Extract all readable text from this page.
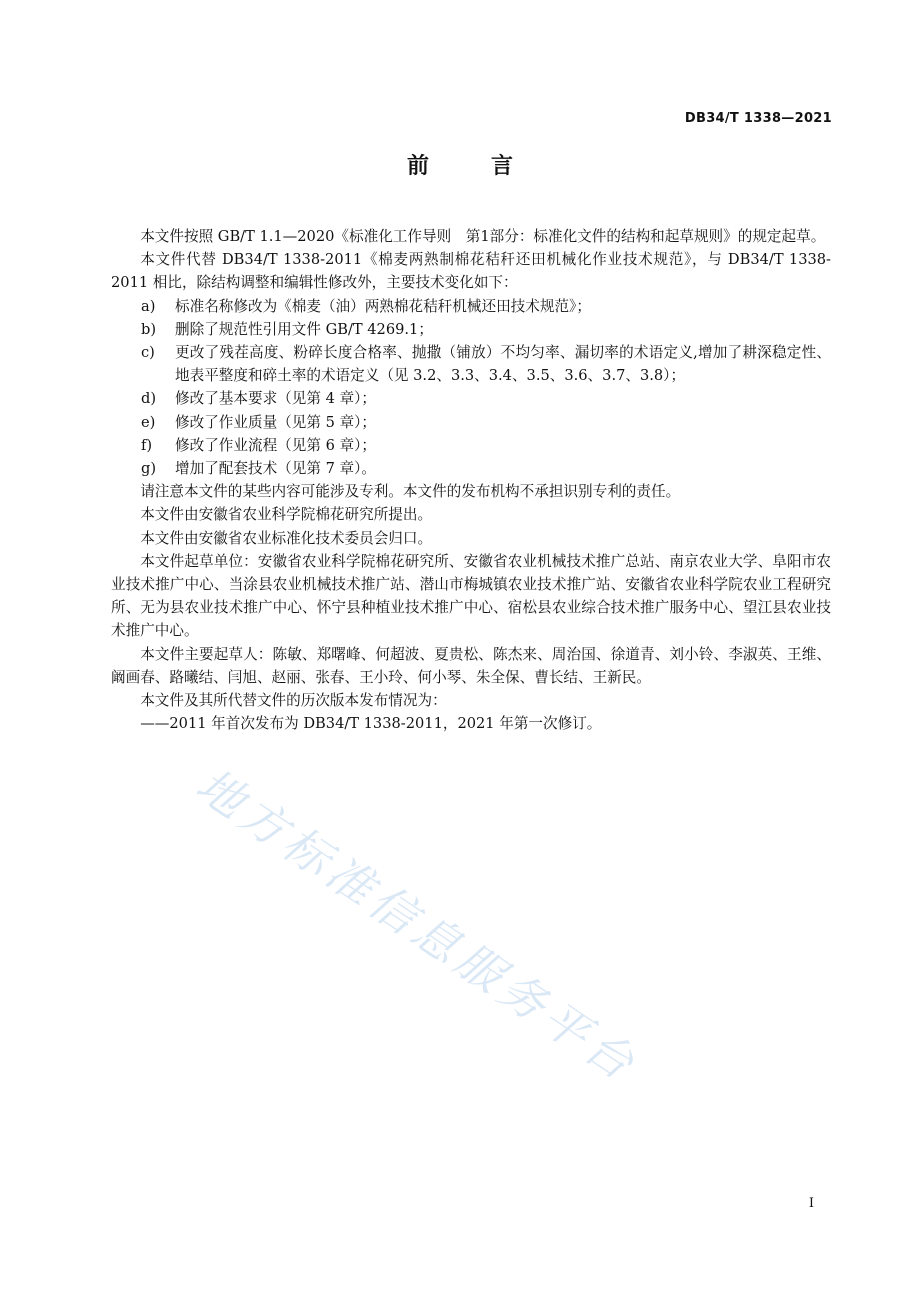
DB34/T 1338—2021
前言

本文件按照 GB/T 1.1—2020《标准化工作导则　第1部分：标准化文件的结构和起草规则》的规定起草。

本文件代替 DB34/T 1338-2011《棉麦两熟制棉花秸秆还田机械化作业技术规范》，与 DB34/T 1338-2011 相比，除结构调整和编辑性修改外，主要技术变化如下：

a)	标准名称修改为《棉麦（油）两熟棉花秸秆机械还田技术规范》；
b)	删除了规范性引用文件 GB/T 4269.1；
c)	更改了残茬高度、粉碎长度合格率、抛撒（铺放）不均匀率、漏切率的术语定义,增加了耕深稳定性、地表平整度和碎土率的术语定义（见 3.2、3.3、3.4、3.5、3.6、3.7、3.8）；
d)	修改了基本要求（见第 4 章）；
e)	修改了作业质量（见第 5 章）；
f)	修改了作业流程（见第 6 章）；
g)	增加了配套技术（见第 7 章）。

请注意本文件的某些内容可能涉及专利。本文件的发布机构不承担识别专利的责任。

本文件由安徽省农业科学院棉花研究所提出。

本文件由安徽省农业标准化技术委员会归口。

本文件起草单位：安徽省农业科学院棉花研究所、安徽省农业机械技术推广总站、南京农业大学、阜阳市农业技术推广中心、当涂县农业机械技术推广站、潜山市梅城镇农业技术推广站、安徽省农业科学院农业工程研究所、无为县农业技术推广中心、怀宁县种植业技术推广中心、宿松县农业综合技术推广服务中心、望江县农业技术推广中心。

本文件主要起草人：陈敏、郑曙峰、何超波、夏贵松、陈杰来、周治国、徐道青、刘小铃、李淑英、王维、阚画春、路曦结、闫旭、赵丽、张春、王小玲、何小琴、朱全保、曹长结、王新民。

本文件及其所代替文件的历次版本发布情况为：

——2011 年首次发布为 DB34/T 1338-2011，2021 年第一次修订。

地方标准信息服务平台
I
